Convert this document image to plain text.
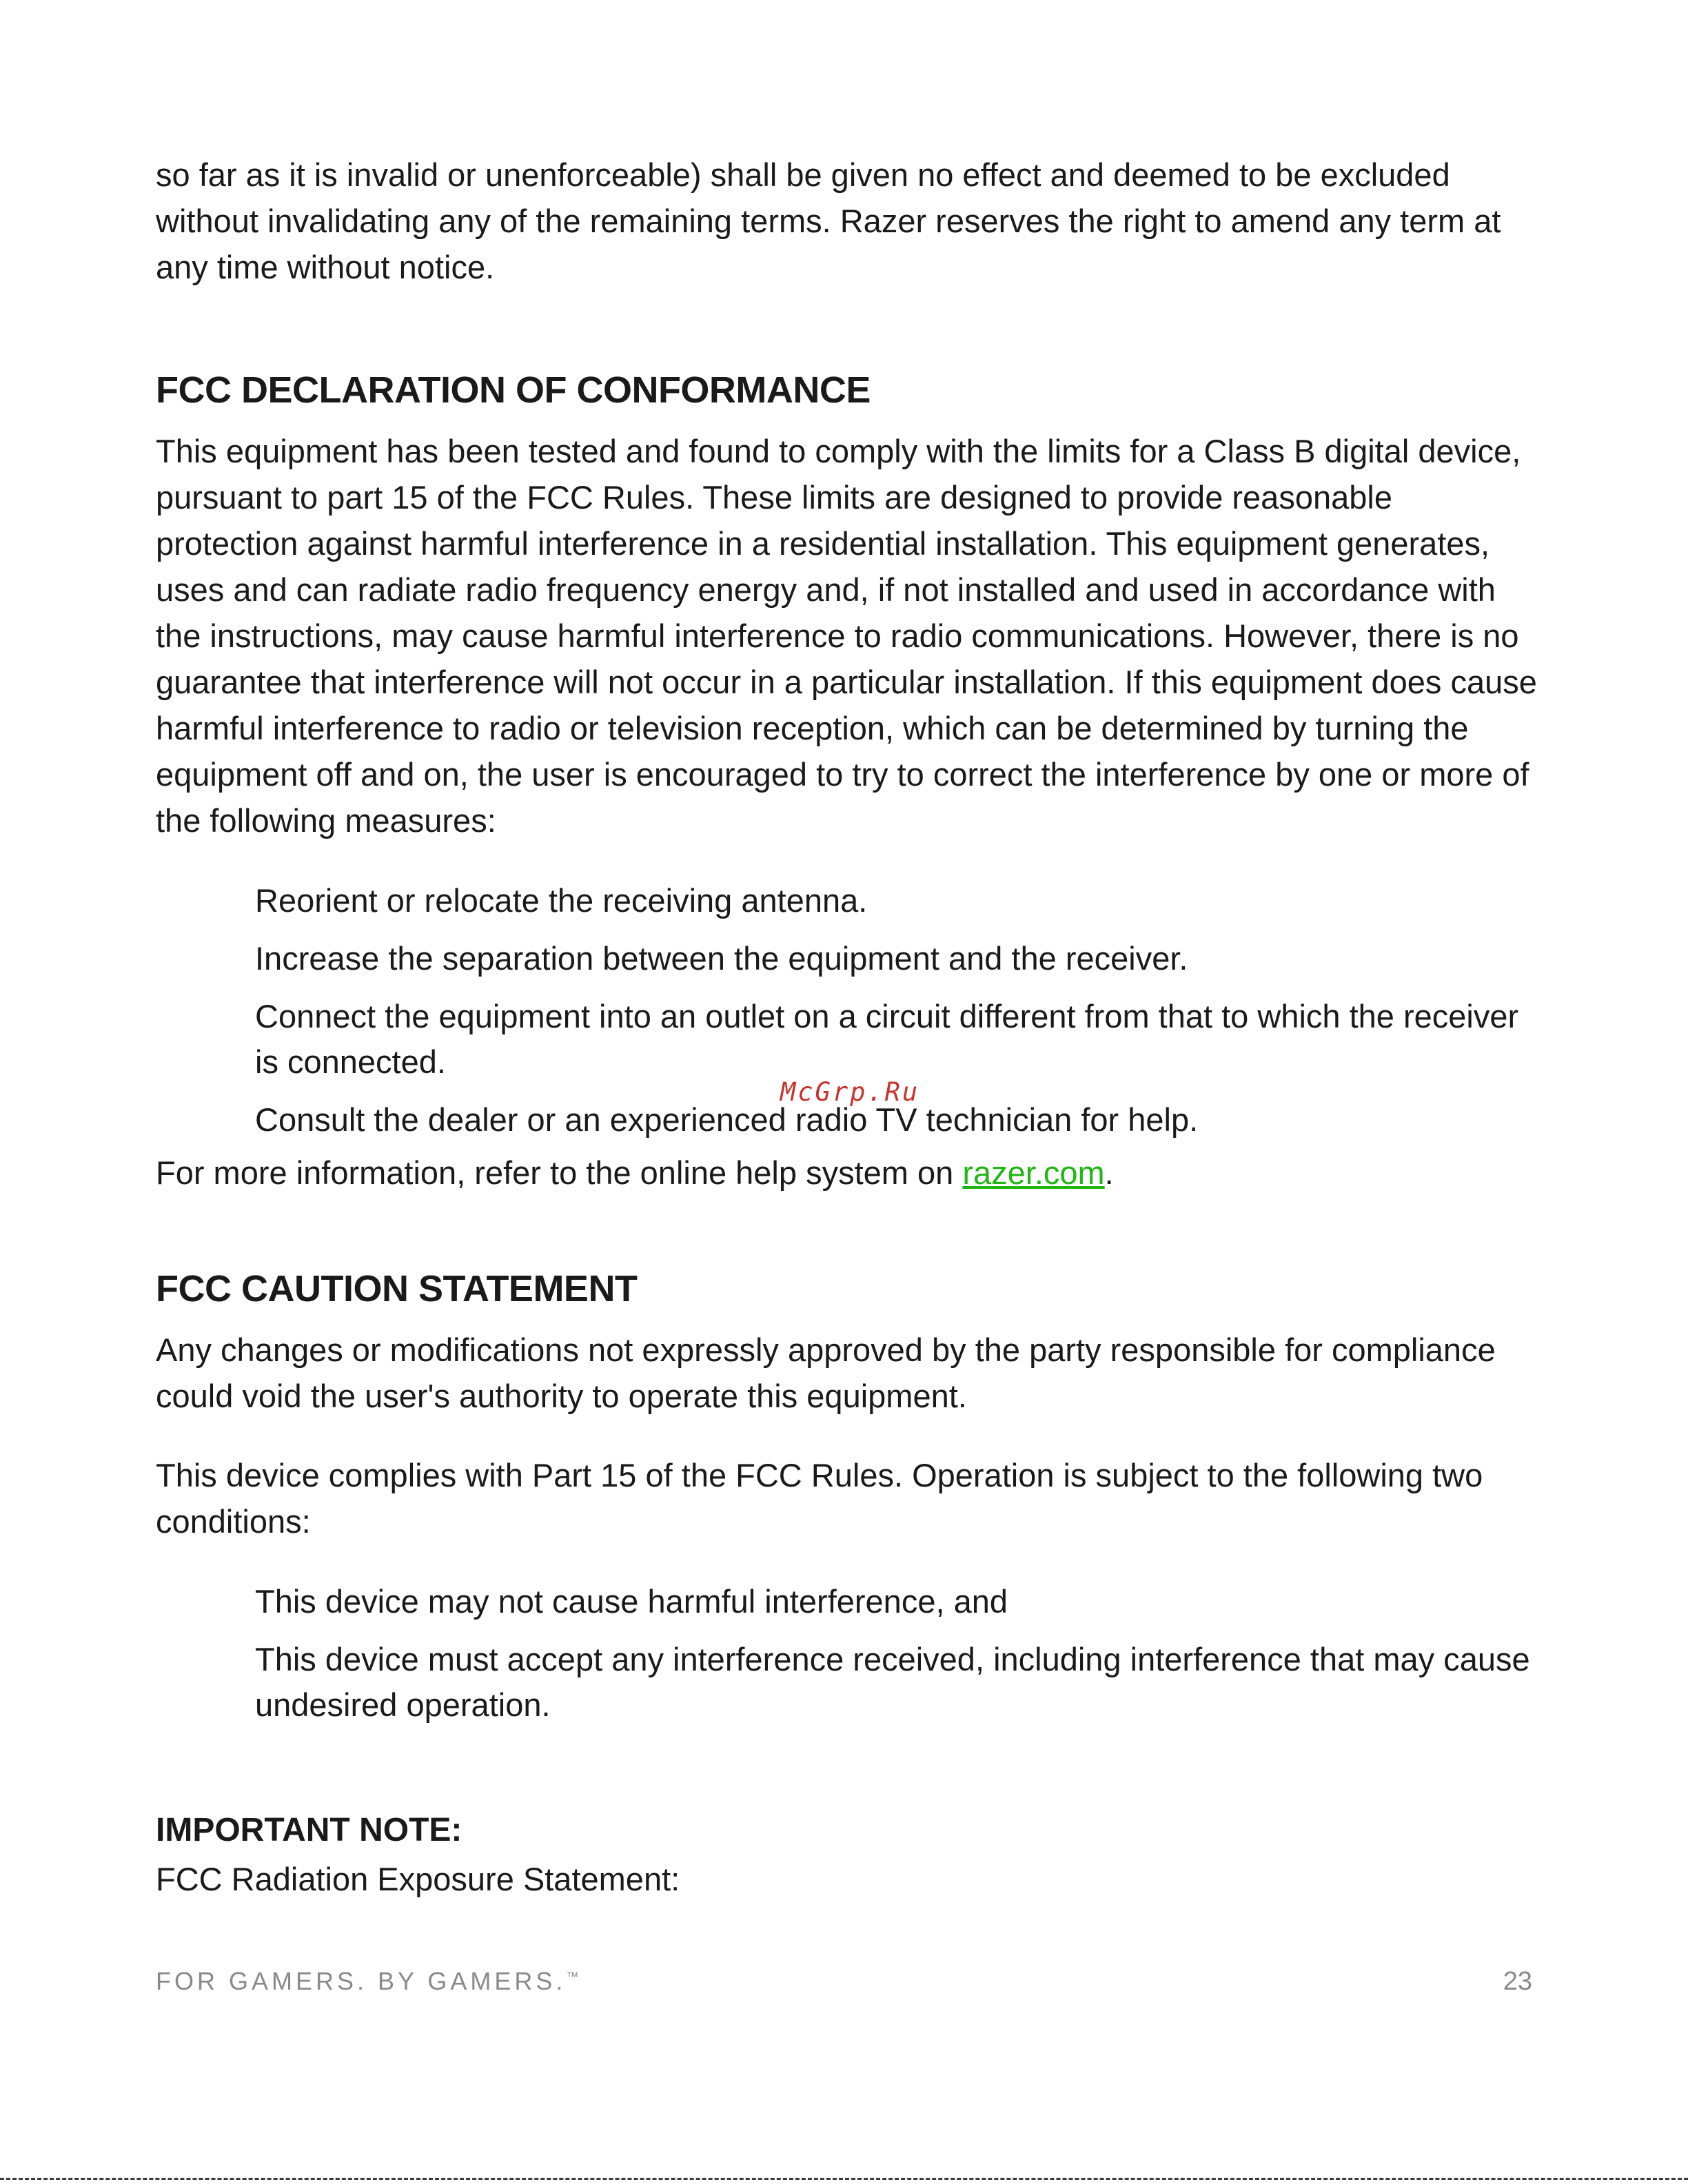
so far as it is invalid or unenforceable) shall be given no effect and deemed to be excluded without invalidating any of the remaining terms. Razer reserves the right to amend any term at any time without notice.

FCC DECLARATION OF CONFORMANCE

This equipment has been tested and found to comply with the limits for a Class B digital device, pursuant to part 15 of the FCC Rules. These limits are designed to provide reasonable protection against harmful interference in a residential installation. This equipment generates, uses and can radiate radio frequency energy and, if not installed and used in accordance with the instructions, may cause harmful interference to radio communications. However, there is no guarantee that interference will not occur in a particular installation. If this equipment does cause harmful interference to radio or television reception, which can be determined by turning the equipment off and on, the user is encouraged to try to correct the interference by one or more of the following measures:

Reorient or relocate the receiving antenna.
Increase the separation between the equipment and the receiver.
Connect the equipment into an outlet on a circuit different from that to which the receiver is connected.
Consult the dealer or an experienced radio TV technician for help.

For more information, refer to the online help system on razer.com.

FCC CAUTION STATEMENT

Any changes or modifications not expressly approved by the party responsible for compliance could void the user's authority to operate this equipment.

This device complies with Part 15 of the FCC Rules. Operation is subject to the following two conditions:

This device may not cause harmful interference, and
This device must accept any interference received, including interference that may cause undesired operation.

IMPORTANT NOTE:

FCC Radiation Exposure Statement:

McGrp.Ru
FOR GAMERS. BY GAMERS.™	23
